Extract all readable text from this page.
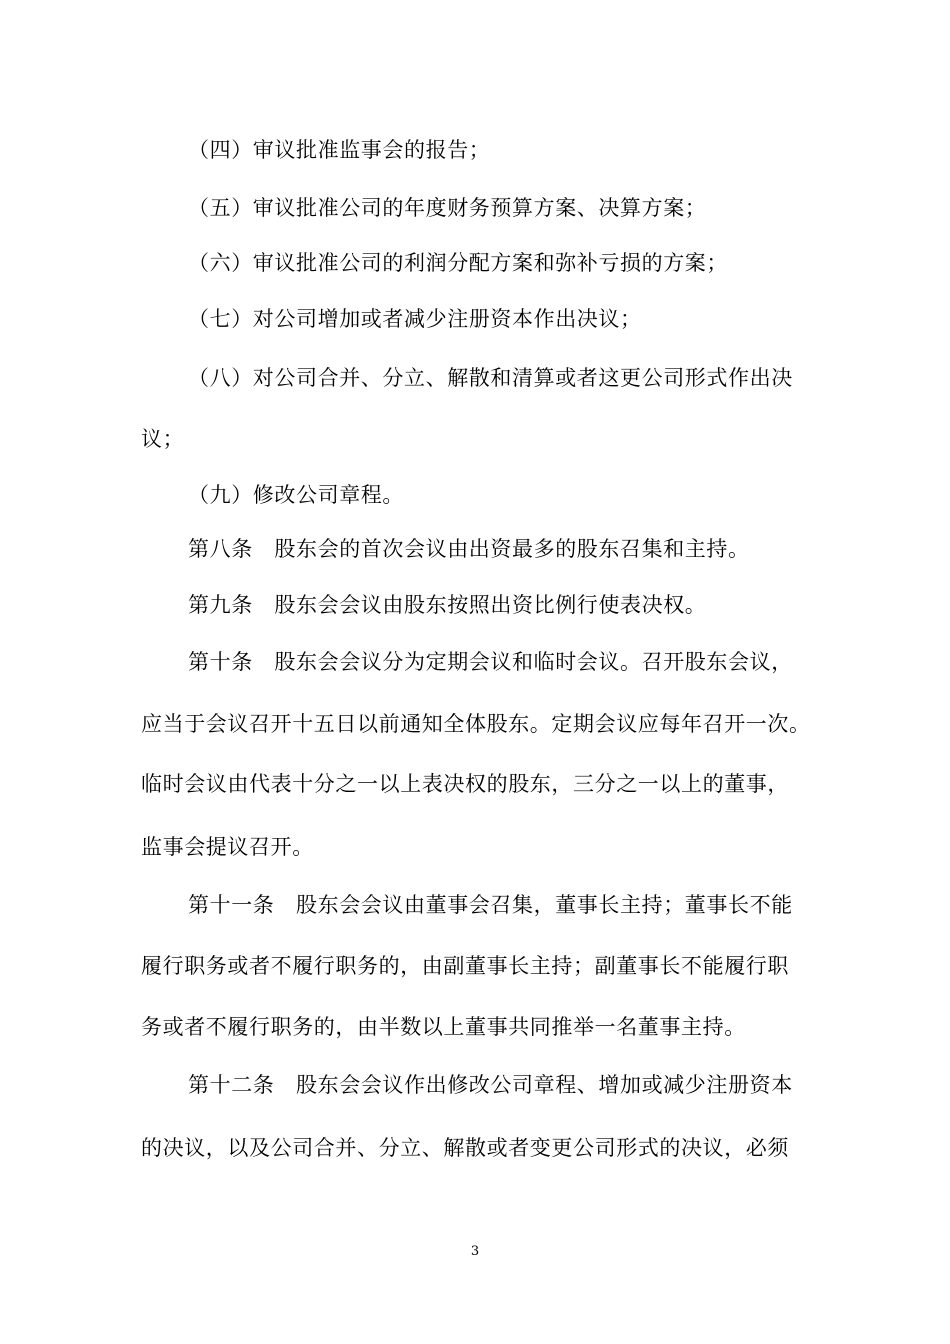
（四）审议批准监事会的报告；
（五）审议批准公司的年度财务预算方案、决算方案；
（六）审议批准公司的利润分配方案和弥补亏损的方案；
（七）对公司增加或者减少注册资本作出决议；
（八）对公司合并、分立、解散和清算或者这更公司形式作出决
议；
（九）修改公司章程。
第八条　股东会的首次会议由出资最多的股东召集和主持。
第九条　股东会会议由股东按照出资比例行使表决权。
第十条　股东会会议分为定期会议和临时会议。召开股东会议，
应当于会议召开十五日以前通知全体股东。定期会议应每年召开一次。
临时会议由代表十分之一以上表决权的股东，三分之一以上的董事，
监事会提议召开。
第十一条　股东会会议由董事会召集，董事长主持；董事长不能
履行职务或者不履行职务的，由副董事长主持；副董事长不能履行职
务或者不履行职务的，由半数以上董事共同推举一名董事主持。
第十二条　股东会会议作出修改公司章程、增加或减少注册资本
的决议，以及公司合并、分立、解散或者变更公司形式的决议，必须
3
